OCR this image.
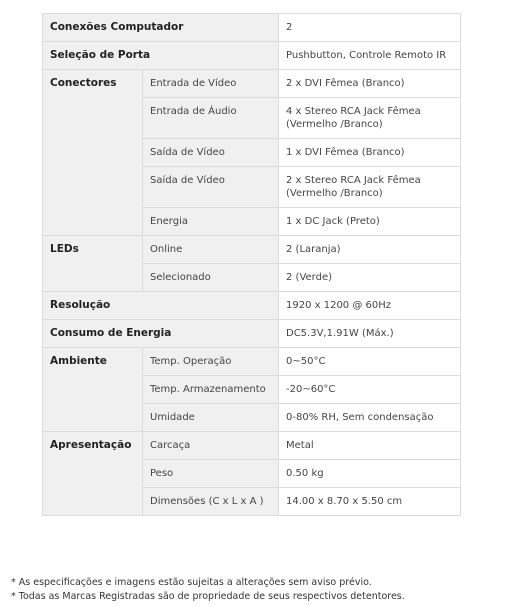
Conexões Computador		2
Seleção de Porta		Pushbutton, Controle Remoto IR
Conectores	Entrada de Vídeo	2 x DVI Fêmea (Branco)
	Entrada de Áudio	4 x Stereo RCA Jack Fêmea (Vermelho /Branco)
	Saída de Vídeo	1 x DVI Fêmea (Branco)
	Saída de Vídeo	2 x Stereo RCA Jack Fêmea (Vermelho /Branco)
	Energia	1 x DC Jack (Preto)
LEDs	Online	2 (Laranja)
	Selecionado	2 (Verde)
Resolução		1920 x 1200 @ 60Hz
Consumo de Energia		DC5.3V,1.91W (Máx.)
Ambiente	Temp. Operação	0~50°C
	Temp. Armazenamento	-20~60°C
	Umidade	0-80% RH, Sem condensação
Apresentação	Carcaça	Metal
	Peso	0.50 kg
	Dimensões (C x L x A )	14.00 x 8.70 x 5.50 cm
* As especificações e imagens estão sujeitas a alterações sem aviso prévio.
* Todas as Marcas Registradas são de propriedade de seus respectivos detentores.
